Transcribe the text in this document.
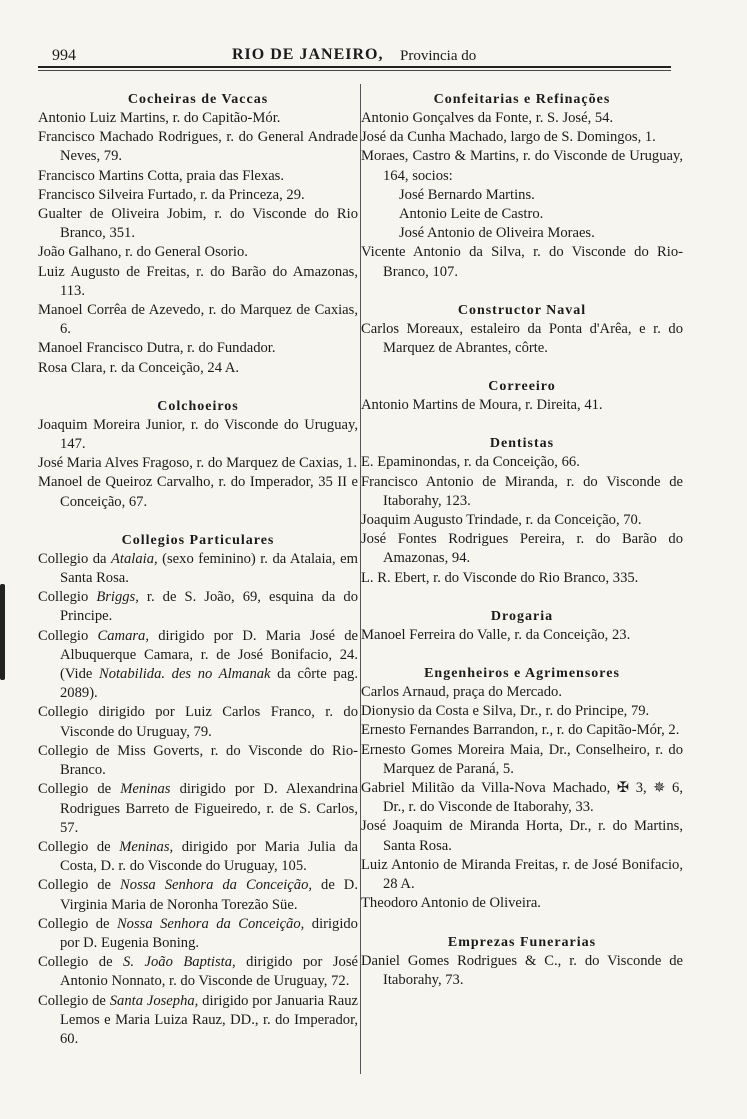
994	RIO DE JANEIRO, Provincia do
Cocheiras de Vaccas
Antonio Luiz Martins, r. do Capitão-Mór.
Francisco Machado Rodrigues, r. do General Andrade Neves, 79.
Francisco Martins Cotta, praia das Flexas.
Francisco Silveira Furtado, r. da Princeza, 29.
Gualter de Oliveira Jobim, r. do Visconde do Rio Branco, 351.
João Galhano, r. do General Osorio.
Luiz Augusto de Freitas, r. do Barão do Amazonas, 113.
Manoel Corrêa de Azevedo, r. do Marquez de Caxias, 6.
Manoel Francisco Dutra, r. do Fundador.
Rosa Clara, r. da Conceição, 24 A.
Colchoeiros
Joaquim Moreira Junior, r. do Visconde do Uruguay, 147.
José Maria Alves Fragoso, r. do Marquez de Caxias, 1.
Manoel de Queiroz Carvalho, r. do Imperador, 35 II e Conceição, 67.
Collegios Particulares
Collegio da Atalaia, (sexo feminino) r. da Atalaia, em Santa Rosa.
Collegio Briggs, r. de S. João, 69, esquina da do Principe.
Collegio Camara, dirigido por D. Maria José de Albuquerque Camara, r. de José Bonifacio, 24. (Vide Notabilida. des no Almanak da côrte pag. 2089).
Collegio dirigido por Luiz Carlos Franco, r. do Visconde do Uruguay, 79.
Collegio de Miss Goverts, r. do Visconde do Rio-Branco.
Collegio de Meninas dirigido por D. Alexandrina Rodrigues Barreto de Figueiredo, r. de S. Carlos, 57.
Collegio de Meninas, dirigido por Maria Julia da Costa, D. r. do Visconde do Uruguay, 105.
Collegio de Nossa Senhora da Conceição, de D. Virginia Maria de Noronha Torezão Süe.
Collegio de Nossa Senhora da Conceição, dirigido por D. Eugenia Boning.
Collegio de S. João Baptista, dirigido por José Antonio Nonnato, r. do Visconde de Uruguay, 72.
Collegio de Santa Josepha, dirigido por Januaria Rauz Lemos e Maria Luiza Rauz, DD., r. do Imperador, 60.
Confeitarias e Refinações
Antonio Gonçalves da Fonte, r. S. José, 54.
José da Cunha Machado, largo de S. Domingos, 1.
Moraes, Castro & Martins, r. do Visconde de Uruguay, 164, socios:
José Bernardo Martins.
Antonio Leite de Castro.
José Antonio de Oliveira Moraes.
Vicente Antonio da Silva, r. do Visconde do Rio-Branco, 107.
Constructor Naval
Carlos Moreaux, estaleiro da Ponta d'Arêa, e r. do Marquez de Abrantes, côrte.
Correeiro
Antonio Martins de Moura, r. Direita, 41.
Dentistas
E. Epaminondas, r. da Conceição, 66.
Francisco Antonio de Miranda, r. do Visconde de Itaborahy, 123.
Joaquim Augusto Trindade, r. da Conceição, 70.
José Fontes Rodrigues Pereira, r. do Barão do Amazonas, 94.
L. R. Ebert, r. do Visconde do Rio Branco, 335.
Drogaria
Manoel Ferreira do Valle, r. da Conceição, 23.
Engenheiros e Agrimensores
Carlos Arnaud, praça do Mercado.
Dionysio da Costa e Silva, Dr., r. do Principe, 79.
Ernesto Fernandes Barrandon, r., r. do Capitão-Mór, 2.
Ernesto Gomes Moreira Maia, Dr., Conselheiro, r. do Marquez de Paraná, 5.
Gabriel Militão da Villa-Nova Machado, ✠ 3, ✵ 6, Dr., r. do Visconde de Itaborahy, 33.
José Joaquim de Miranda Horta, Dr., r. do Martins, Santa Rosa.
Luiz Antonio de Miranda Freitas, r. de José Bonifacio, 28 A.
Theodoro Antonio de Oliveira.
Emprezas Funerarias
Daniel Gomes Rodrigues & C., r. do Visconde de Itaborahy, 73.
